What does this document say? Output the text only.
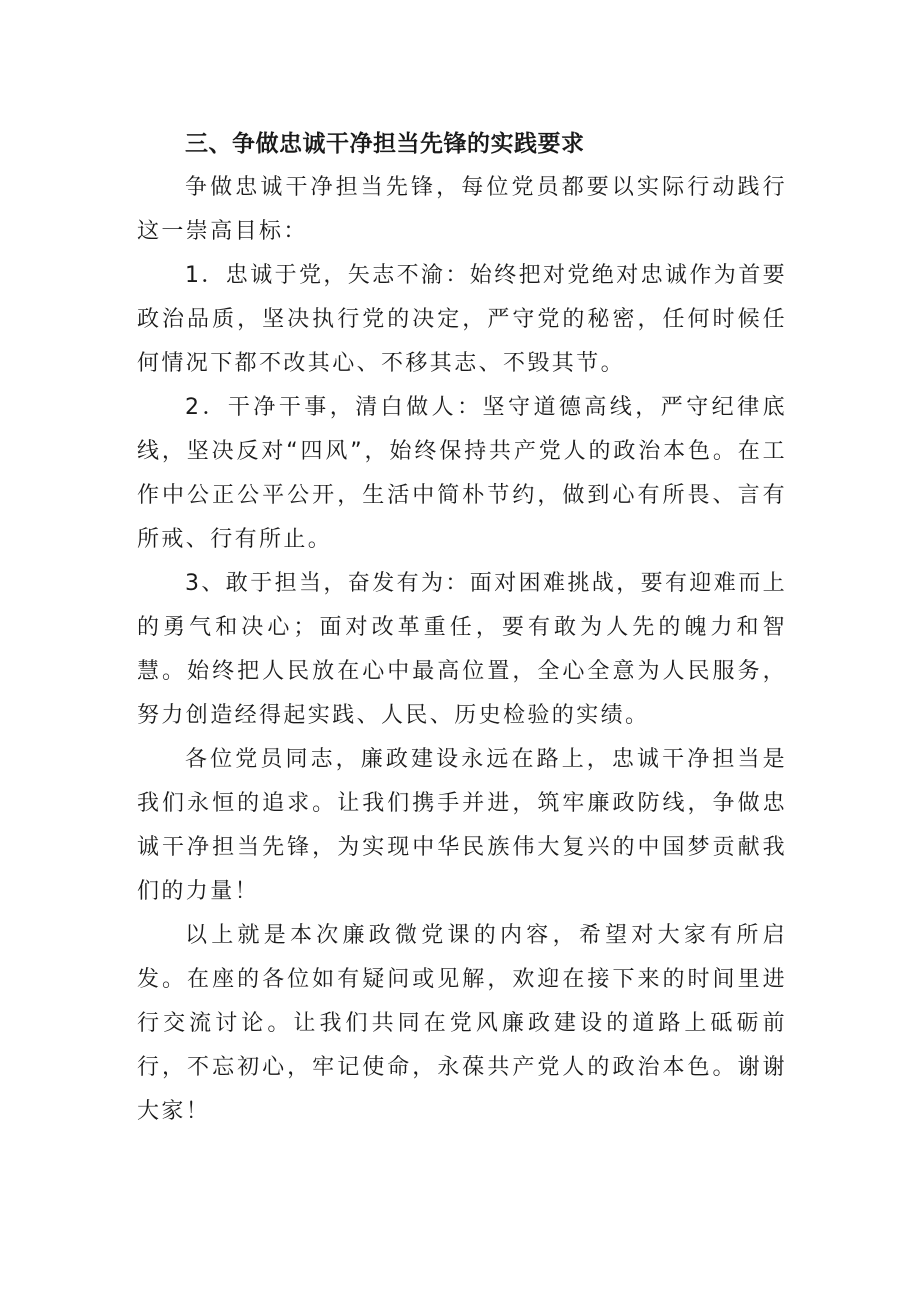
三、争做忠诚干净担当先锋的实践要求

争做忠诚干净担当先锋，每位党员都要以实际行动践行这一崇高目标：

1．忠诚于党，矢志不渝：始终把对党绝对忠诚作为首要政治品质，坚决执行党的决定，严守党的秘密，任何时候任何情况下都不改其心、不移其志、不毁其节。

2．干净干事，清白做人：坚守道德高线，严守纪律底线，坚决反对“四风”，始终保持共产党人的政治本色。在工作中公正公平公开，生活中简朴节约，做到心有所畏、言有所戒、行有所止。

3、敢于担当，奋发有为：面对困难挑战，要有迎难而上的勇气和决心；面对改革重任，要有敢为人先的魄力和智慧。始终把人民放在心中最高位置，全心全意为人民服务，努力创造经得起实践、人民、历史检验的实绩。

各位党员同志，廉政建设永远在路上，忠诚干净担当是我们永恒的追求。让我们携手并进，筑牢廉政防线，争做忠诚干净担当先锋，为实现中华民族伟大复兴的中国梦贡献我们的力量！

以上就是本次廉政微党课的内容，希望对大家有所启发。在座的各位如有疑问或见解，欢迎在接下来的时间里进行交流讨论。让我们共同在党风廉政建设的道路上砥砺前行，不忘初心，牢记使命，永葆共产党人的政治本色。谢谢大家！
